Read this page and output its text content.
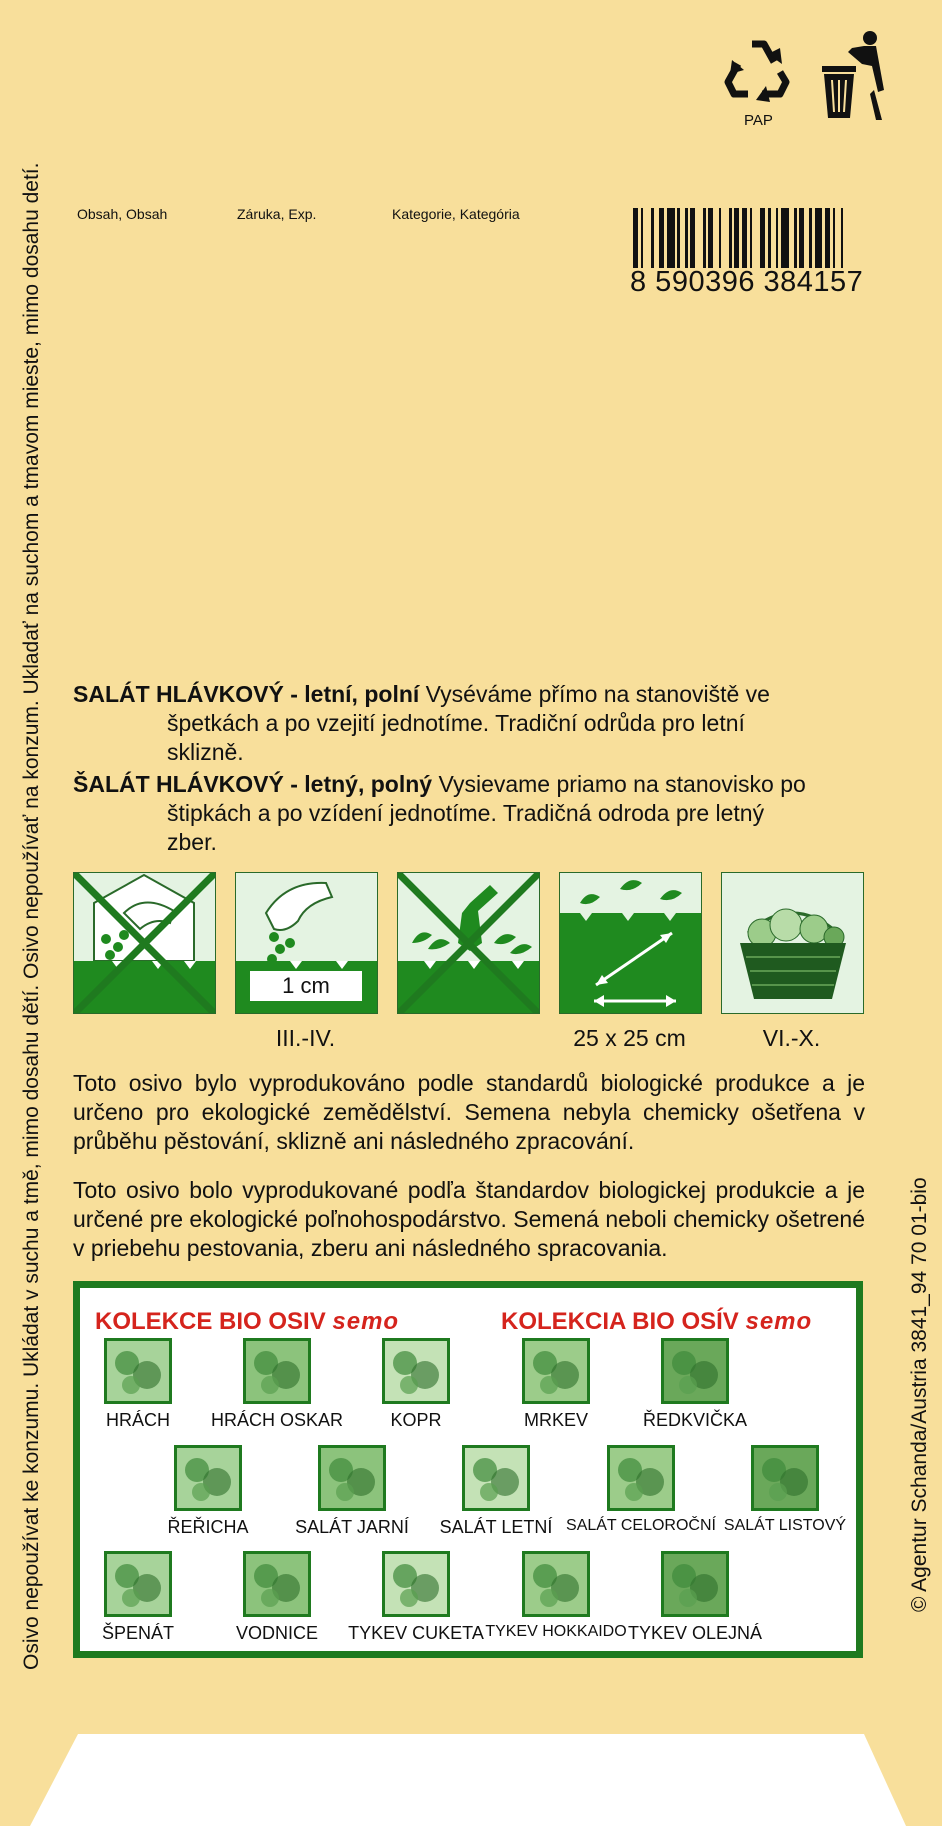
Osivo nepoužívat ke konzumu. Ukládat v suchu a tmě, mimo dosahu dětí. Osivo nepoužívať na konzum. Ukladať na suchom a tmavom mieste, mimo dosahu detí.	© Agentur Schanda/Austria 3841_94 70 01-bio
PAP
Obsah, Obsah	Záruka, Exp.	Kategorie, Kategória
8 590396 384157
SALÁT HLÁVKOVÝ - letní, polní Vyséváme přímo na stanoviště ve
špetkách a po vzejití jednotíme. Tradiční odrůda pro letní
sklizně.
ŠALÁT HLÁVKOVÝ - letný, polný Vysievame priamo na stanovisko po
štipkách a po vzídení jednotíme. Tradičná odroda pre letný
zber.
1 cm
III.-IV.	25 x 25 cm	VI.-X.
Toto osivo bylo vyprodukováno podle standardů biologické produkce a je určeno pro ekologické zemědělství. Semena nebyla chemicky ošetřena v průběhu pěstování, sklizně ani následného zpracování.
Toto osivo bolo vyprodukované podľa štandardov biologickej produkcie a je určené pre ekologické poľnohospodárstvo. Semená neboli chemicky ošetrené v priebehu pestovania, zberu ani následného spracovania.
KOLEKCE BIO OSIV semo	KOLEKCIA BIO OSÍV semo
HRÁCH HRÁCH OSKAR	KOPR	MRKEV	ŘEDKVIČKA
ŘEŘICHA	SALÁT JARNÍ SALÁT LETNÍ SALÁT CELOROČNÍ SALÁT LISTOVÝ
ŠPENÁT	VODNICE TYKEV CUKETA TYKEV HOKKAIDO TYKEV OLEJNÁ
